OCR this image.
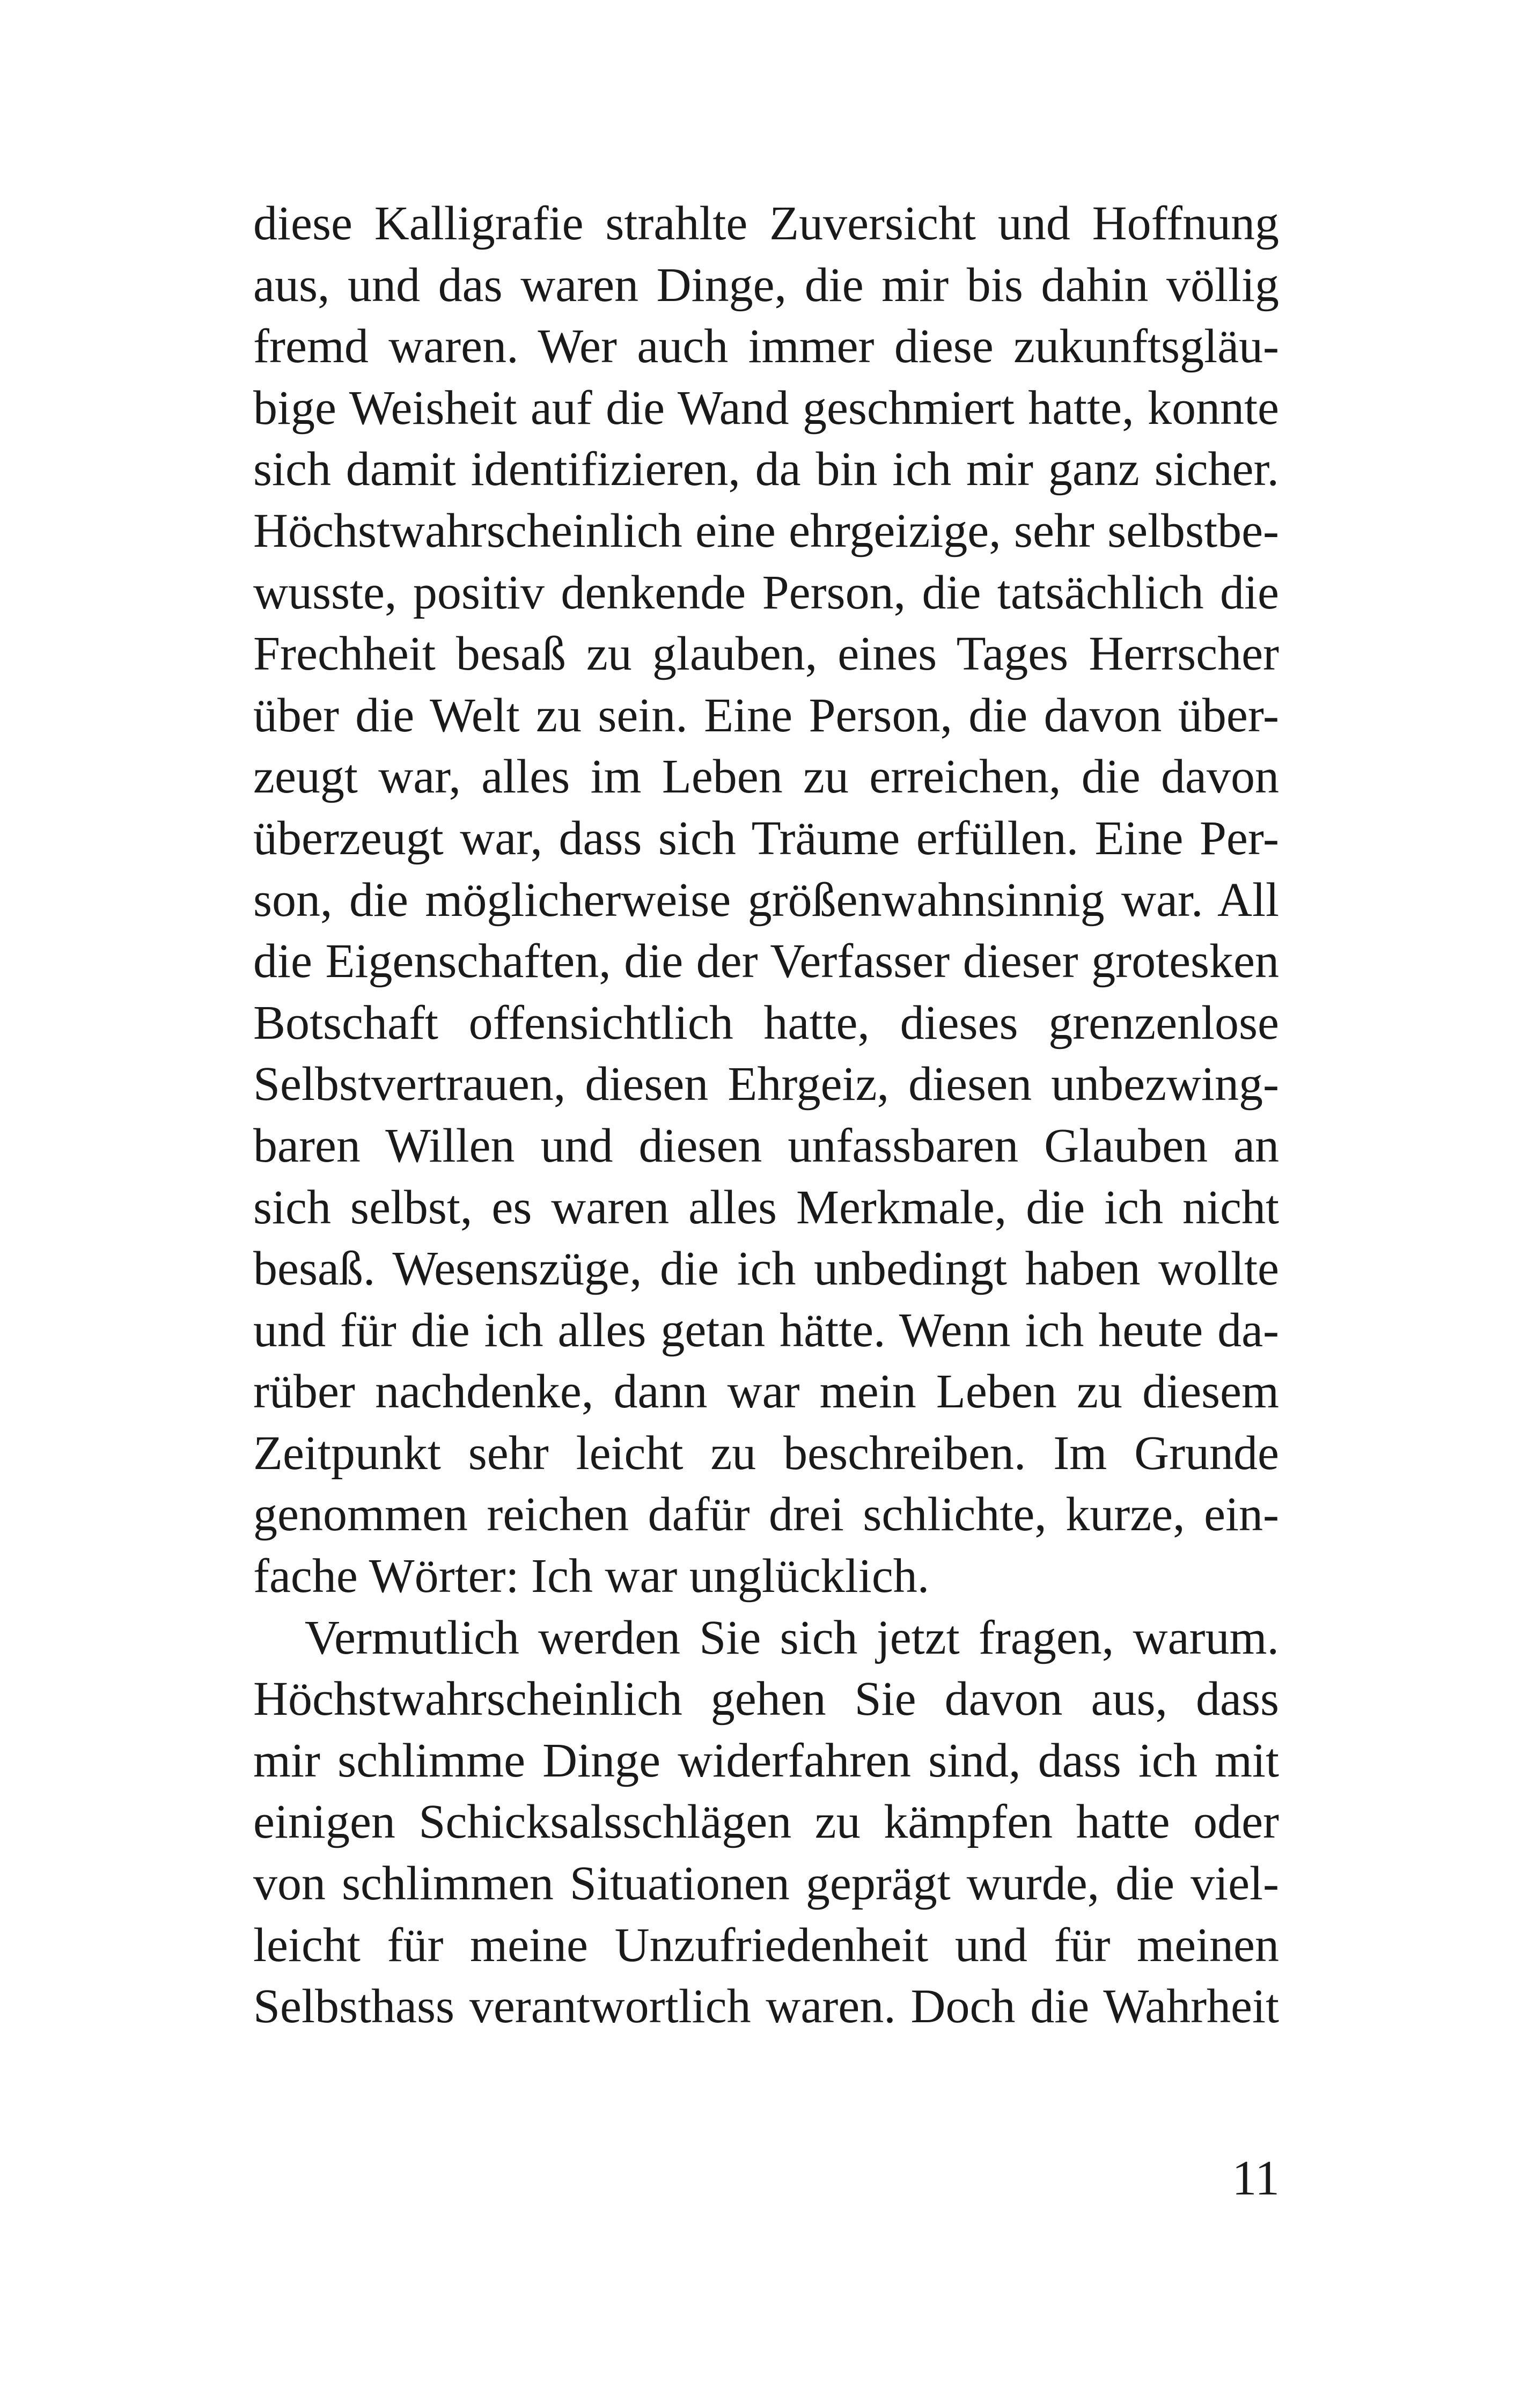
diese Kalligrafie strahlte Zuversicht und Hoffnung
aus, und das waren Dinge, die mir bis dahin völlig
fremd waren. Wer auch immer diese zukunftsgläu-
bige Weisheit auf die Wand geschmiert hatte, konnte
sich damit identifizieren, da bin ich mir ganz sicher.
Höchstwahrscheinlich eine ehrgeizige, sehr selbstbe-
wusste, positiv denkende Person, die tatsächlich die
Frechheit besaß zu glauben, eines Tages Herrscher
über die Welt zu sein. Eine Person, die davon über-
zeugt war, alles im Leben zu erreichen, die davon
überzeugt war, dass sich Träume erfüllen. Eine Per-
son, die möglicherweise größenwahnsinnig war. All
die Eigenschaften, die der Verfasser dieser grotesken
Botschaft offensichtlich hatte, dieses grenzenlose
Selbstvertrauen, diesen Ehrgeiz, diesen unbezwing-
baren Willen und diesen unfassbaren Glauben an
sich selbst, es waren alles Merkmale, die ich nicht
besaß. Wesenszüge, die ich unbedingt haben wollte
und für die ich alles getan hätte. Wenn ich heute da-
rüber nachdenke, dann war mein Leben zu diesem
Zeitpunkt sehr leicht zu beschreiben. Im Grunde
genommen reichen dafür drei schlichte, kurze, ein-
fache Wörter: Ich war unglücklich.
Vermutlich werden Sie sich jetzt fragen, warum.
Höchstwahrscheinlich gehen Sie davon aus, dass
mir schlimme Dinge widerfahren sind, dass ich mit
einigen Schicksalsschlägen zu kämpfen hatte oder
von schlimmen Situationen geprägt wurde, die viel-
leicht für meine Unzufriedenheit und für meinen
Selbsthass verantwortlich waren. Doch die Wahrheit
11
